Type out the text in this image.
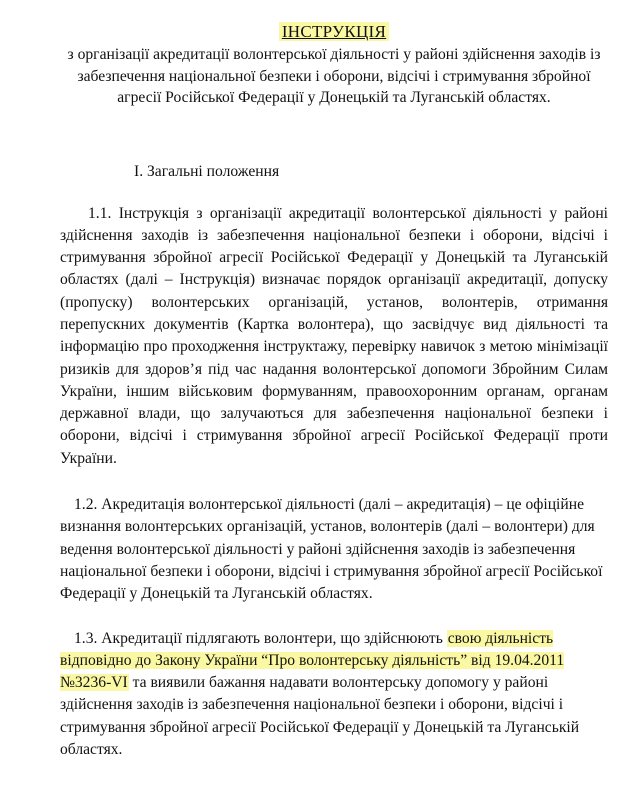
ІНСТРУКЦІЯ

з організації акредитації волонтерської діяльності у районі здійснення заходів із забезпечення національної безпеки і оборони, відсічі і стримування збройної агресії Російської Федерації у Донецькій та Луганській областях.

І. Загальні положення

1.1. Інструкція з організації акредитації волонтерської діяльності у районі здійснення заходів із забезпечення національної безпеки і оборони, відсічі і стримування збройної агресії Російської Федерації у Донецькій та Луганській областях (далі – Інструкція) визначає порядок організації акредитації, допуску (пропуску) волонтерських організацій, установ, волонтерів, отримання перепускних документів (Картка волонтера), що засвідчує вид діяльності та інформацію про проходження інструктажу, перевірку навичок з метою мінімізації ризиків для здоров’я під час надання волонтерської допомоги Збройним Силам України, іншим військовим формуванням, правоохоронним органам, органам державної влади, що залучаються для забезпечення національної безпеки і оборони, відсічі і стримування збройної агресії Російської Федерації проти України.

1.2. Акредитація волонтерської діяльності (далі – акредитація) – це офіційне визнання волонтерських організацій, установ, волонтерів (далі – волонтери) для ведення волонтерської діяльності у районі здійснення заходів із забезпечення національної безпеки і оборони, відсічі і стримування збройної агресії Російської Федерації у Донецькій та Луганській областях.

1.3. Акредитації підлягають волонтери, що здійснюють свою діяльність відповідно до Закону України “Про волонтерську діяльність” від 19.04.2011 №3236-VI та виявили бажання надавати волонтерську допомогу у районі здійснення заходів із забезпечення національної безпеки і оборони, відсічі і стримування збройної агресії Російської Федерації у Донецькій та Луганській областях.
